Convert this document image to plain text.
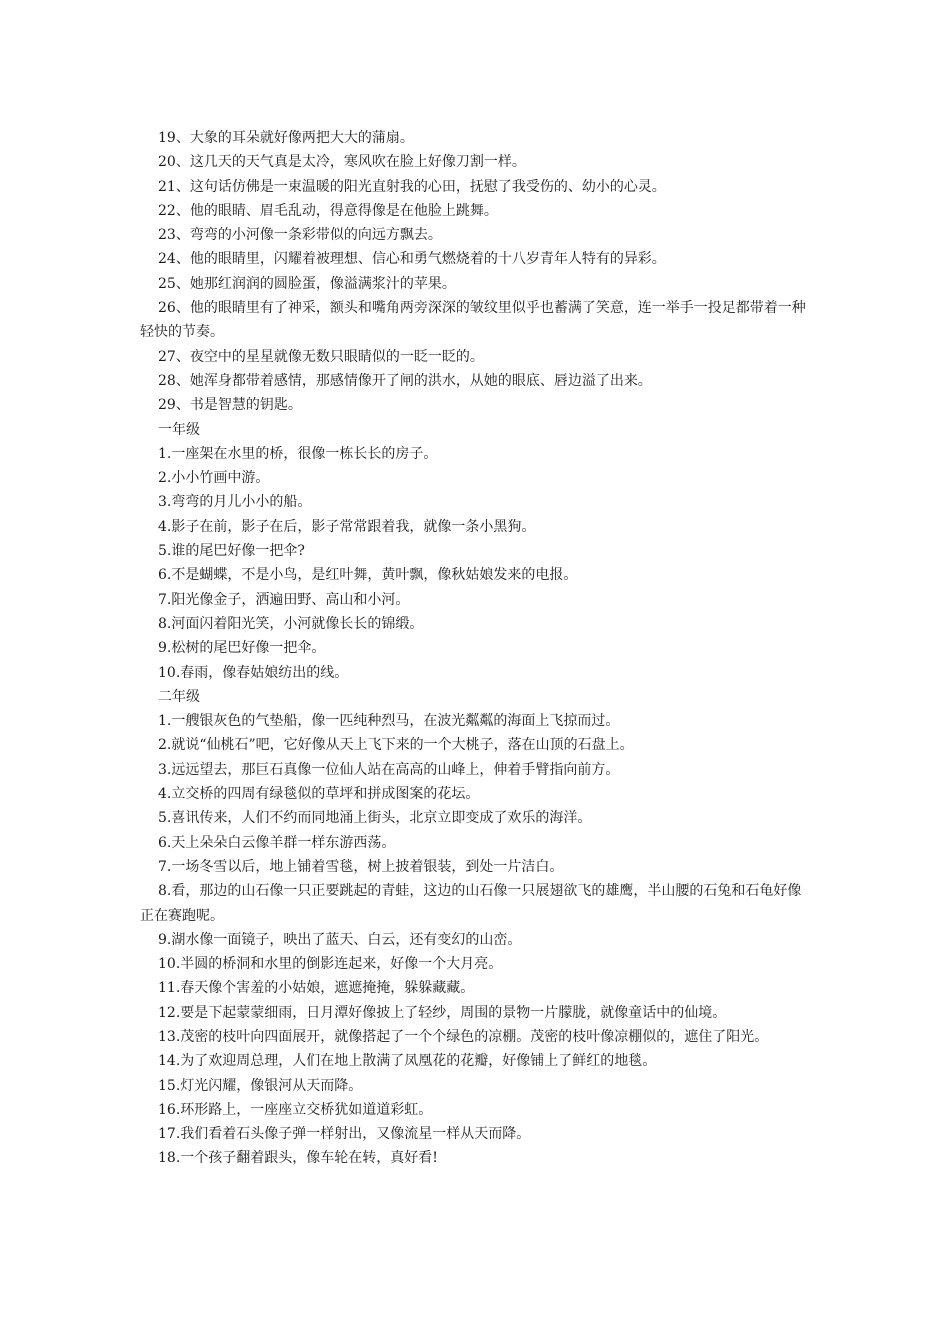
19、大象的耳朵就好像两把大大的蒲扇。
20、这几天的天气真是太冷，寒风吹在脸上好像刀割一样。
21、这句话仿佛是一束温暖的阳光直射我的心田，抚慰了我受伤的、幼小的心灵。
22、他的眼睛、眉毛乱动，得意得像是在他脸上跳舞。
23、弯弯的小河像一条彩带似的向远方飘去。
24、他的眼睛里，闪耀着被理想、信心和勇气燃烧着的十八岁青年人特有的异彩。
25、她那红润润的圆脸蛋，像溢满浆汁的苹果。
26、他的眼睛里有了神采，额头和嘴角两旁深深的皱纹里似乎也蓄满了笑意，连一举手一投足都带着一种轻快的节奏。
27、夜空中的星星就像无数只眼睛似的一眨一眨的。
28、她浑身都带着感情，那感情像开了闸的洪水，从她的眼底、唇边溢了出来。
29、书是智慧的钥匙。
一年级
1.一座架在水里的桥，很像一栋长长的房子。
2.小小竹画中游。
3.弯弯的月儿小小的船。
4.影子在前，影子在后，影子常常跟着我，就像一条小黑狗。
5.谁的尾巴好像一把伞?
6.不是蝴蝶，不是小鸟，是红叶舞，黄叶飘，像秋姑娘发来的电报。
7.阳光像金子，洒遍田野、高山和小河。
8.河面闪着阳光笑，小河就像长长的锦缎。
9.松树的尾巴好像一把伞。
10.春雨，像春姑娘纺出的线。
二年级
1.一艘银灰色的气垫船，像一匹纯种烈马，在波光粼粼的海面上飞掠而过。
2.就说“仙桃石”吧，它好像从天上飞下来的一个大桃子，落在山顶的石盘上。
3.远远望去，那巨石真像一位仙人站在高高的山峰上，伸着手臂指向前方。
4.立交桥的四周有绿毯似的草坪和拼成图案的花坛。
5.喜讯传来，人们不约而同地涌上街头，北京立即变成了欢乐的海洋。
6.天上朵朵白云像羊群一样东游西荡。
7.一场冬雪以后，地上铺着雪毯，树上披着银装，到处一片洁白。
8.看，那边的山石像一只正要跳起的青蛙，这边的山石像一只展翅欲飞的雄鹰，半山腰的石兔和石龟好像正在赛跑呢。
9.湖水像一面镜子，映出了蓝天、白云，还有变幻的山峦。
10.半圆的桥洞和水里的倒影连起来，好像一个大月亮。
11.春天像个害羞的小姑娘，遮遮掩掩，躲躲藏藏。
12.要是下起蒙蒙细雨，日月潭好像披上了轻纱，周围的景物一片朦胧，就像童话中的仙境。
13.茂密的枝叶向四面展开，就像搭起了一个个绿色的凉棚。茂密的枝叶像凉棚似的，遮住了阳光。
14.为了欢迎周总理，人们在地上散满了凤凰花的花瓣，好像铺上了鲜红的地毯。
15.灯光闪耀，像银河从天而降。
16.环形路上，一座座立交桥犹如道道彩虹。
17.我们看着石头像子弹一样射出，又像流星一样从天而降。
18.一个孩子翻着跟头，像车轮在转，真好看!
